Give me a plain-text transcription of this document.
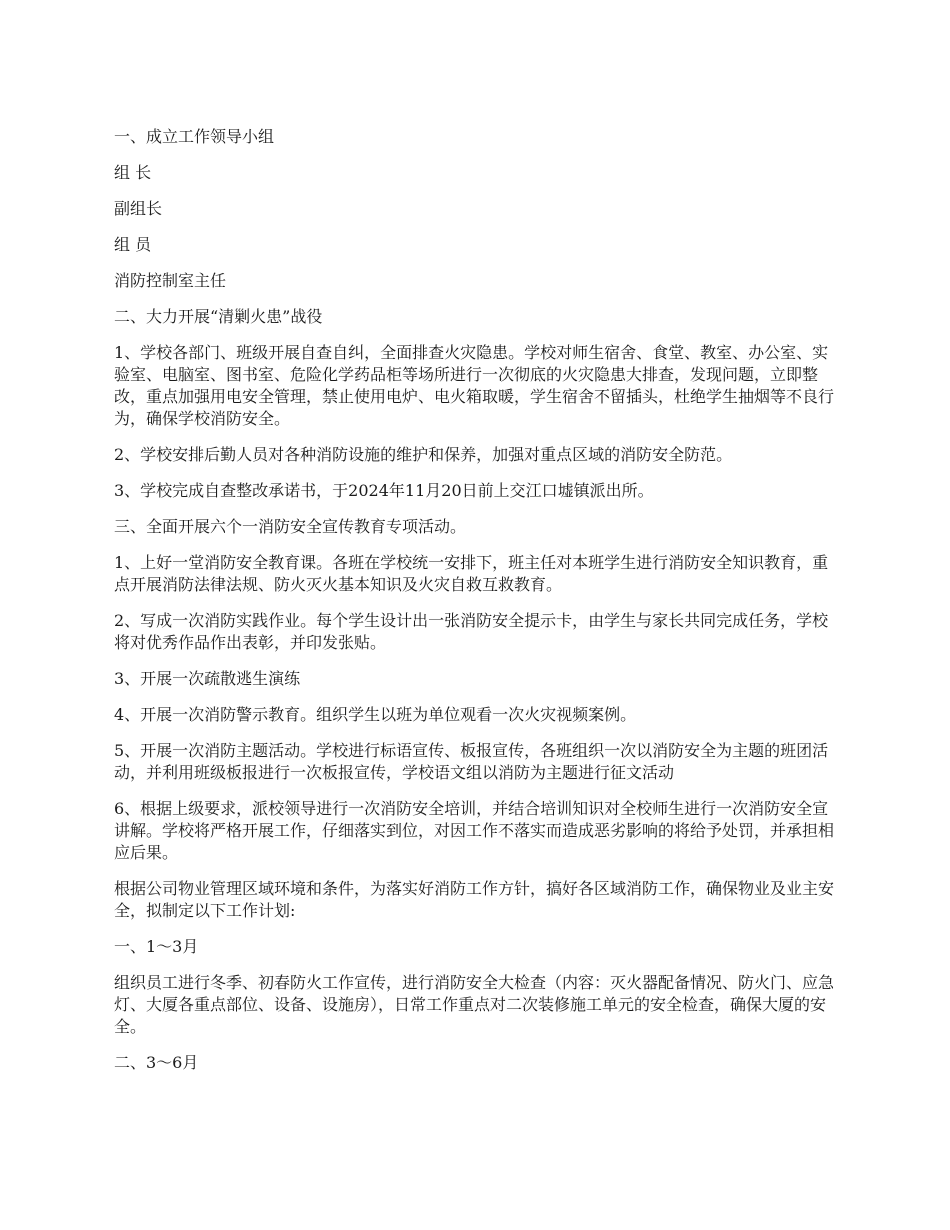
一、成立工作领导小组

组 长

副组长

组 员

消防控制室主任

二、大力开展“清剿火患”战役

1、学校各部门、班级开展自查自纠，全面排查火灾隐患。学校对师生宿舍、食堂、教室、办公室、实验室、电脑室、图书室、危险化学药品柜等场所进行一次彻底的火灾隐患大排查，发现问题，立即整改，重点加强用电安全管理，禁止使用电炉、电火箱取暖，学生宿舍不留插头，杜绝学生抽烟等不良行为，确保学校消防安全。

2、学校安排后勤人员对各种消防设施的维护和保养，加强对重点区域的消防安全防范。

3、学校完成自查整改承诺书，于2024年11月20日前上交江口墟镇派出所。

三、全面开展六个一消防安全宣传教育专项活动。

1、上好一堂消防安全教育课。各班在学校统一安排下，班主任对本班学生进行消防安全知识教育，重点开展消防法律法规、防火灭火基本知识及火灾自救互救教育。

2、写成一次消防实践作业。每个学生设计出一张消防安全提示卡，由学生与家长共同完成任务，学校将对优秀作品作出表彰，并印发张贴。

3、开展一次疏散逃生演练

4、开展一次消防警示教育。组织学生以班为单位观看一次火灾视频案例。

5、开展一次消防主题活动。学校进行标语宣传、板报宣传，各班组织一次以消防安全为主题的班团活动，并利用班级板报进行一次板报宣传，学校语文组以消防为主题进行征文活动

6、根据上级要求，派校领导进行一次消防安全培训，并结合培训知识对全校师生进行一次消防安全宣讲解。学校将严格开展工作，仔细落实到位，对因工作不落实而造成恶劣影响的将给予处罚，并承担相应后果。

根据公司物业管理区域环境和条件，为落实好消防工作方针，搞好各区域消防工作，确保物业及业主安全，拟制定以下工作计划:

一、1～3月

组织员工进行冬季、初春防火工作宣传，进行消防安全大检查（内容：灭火器配备情况、防火门、应急灯、大厦各重点部位、设备、设施房），日常工作重点对二次装修施工单元的安全检查，确保大厦的安全。

二、3～6月
